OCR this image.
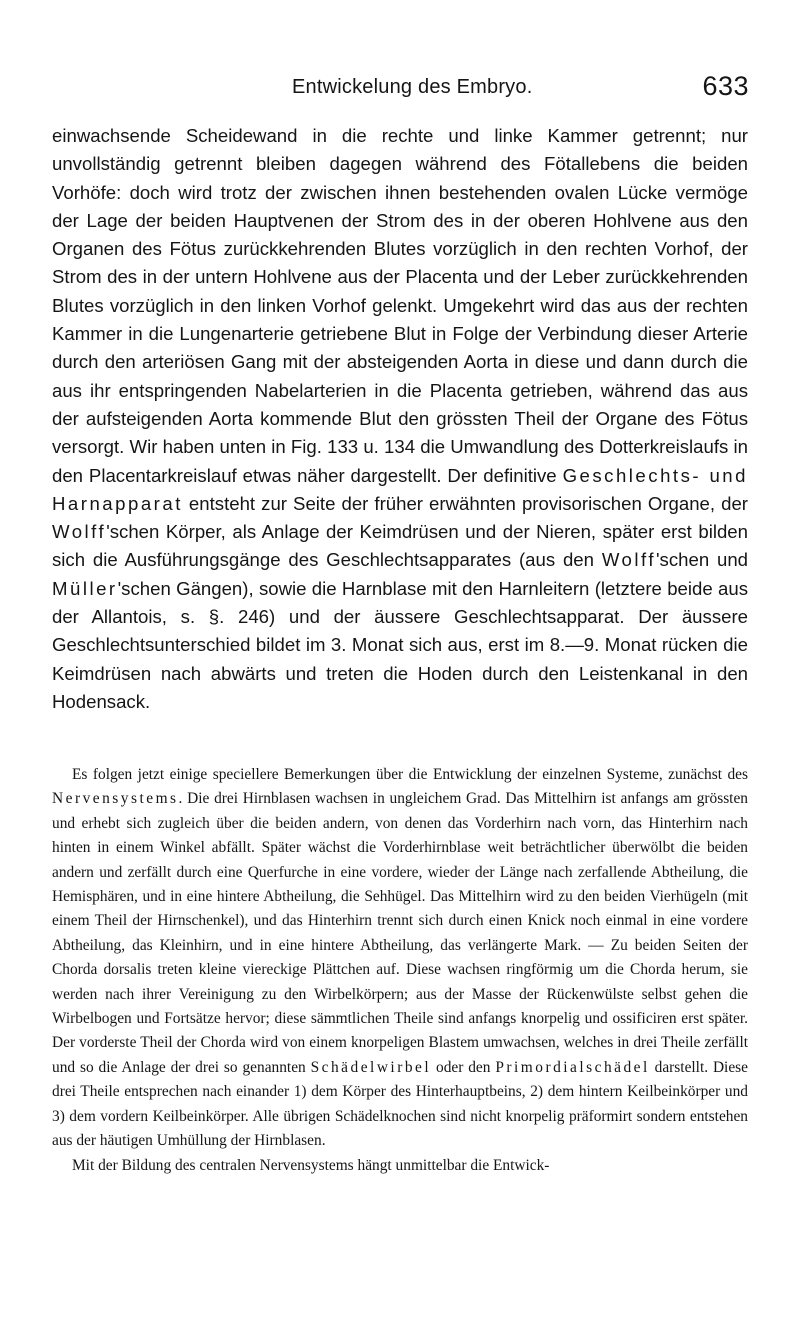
Entwickelung des Embryo.	633

einwachsende Scheidewand in die rechte und linke Kammer getrennt; nur unvollständig getrennt bleiben dagegen während des Fötallebens die beiden Vorhöfe: doch wird trotz der zwischen ihnen bestehenden ovalen Lücke vermöge der Lage der beiden Hauptvenen der Strom des in der oberen Hohlvene aus den Organen des Fötus zurückkehrenden Blutes vorzüglich in den rechten Vorhof, der Strom des in der untern Hohlvene aus der Placenta und der Leber zurückkehrenden Blutes vorzüglich in den linken Vorhof gelenkt. Umgekehrt wird das aus der rechten Kammer in die Lungenarterie getriebene Blut in Folge der Verbindung dieser Arterie durch den arteriösen Gang mit der absteigenden Aorta in diese und dann durch die aus ihr entspringenden Nabelarterien in die Placenta getrieben, während das aus der aufsteigenden Aorta kommende Blut den grössten Theil der Organe des Fötus versorgt. Wir haben unten in Fig. 133 u. 134 die Umwandlung des Dotterkreislaufs in den Placentarkreislauf etwas näher dargestellt. Der definitive Geschlechts- und Harnapparat entsteht zur Seite der früher erwähnten provisorischen Organe, der Wolff'schen Körper, als Anlage der Keimdrüsen und der Nieren, später erst bilden sich die Ausführungsgänge des Geschlechtsapparates (aus den Wolff'schen und Müller'schen Gängen), sowie die Harnblase mit den Harnleitern (letztere beide aus der Allantois, s. §. 246) und der äussere Geschlechtsapparat. Der äussere Geschlechtsunterschied bildet im 3. Monat sich aus, erst im 8.—9. Monat rücken die Keimdrüsen nach abwärts und treten die Hoden durch den Leistenkanal in den Hodensack.

Es folgen jetzt einige speciellere Bemerkungen über die Entwicklung der einzelnen Systeme, zunächst des Nervensystems. Die drei Hirnblasen wachsen in ungleichem Grad. Das Mittelhirn ist anfangs am grössten und erhebt sich zugleich über die beiden andern, von denen das Vorderhirn nach vorn, das Hinterhirn nach hinten in einem Winkel abfällt. Später wächst die Vorderhirnblase weit beträchtlicher überwölbt die beiden andern und zerfällt durch eine Querfurche in eine vordere, wieder der Länge nach zerfallende Abtheilung, die Hemisphären, und in eine hintere Abtheilung, die Sehhügel. Das Mittelhirn wird zu den beiden Vierhügeln (mit einem Theil der Hirnschenkel), und das Hinterhirn trennt sich durch einen Knick noch einmal in eine vordere Abtheilung, das Kleinhirn, und in eine hintere Abtheilung, das verlängerte Mark. — Zu beiden Seiten der Chorda dorsalis treten kleine viereckige Plättchen auf. Diese wachsen ringförmig um die Chorda herum, sie werden nach ihrer Vereinigung zu den Wirbelkörpern; aus der Masse der Rückenwülste selbst gehen die Wirbelbogen und Fortsätze hervor; diese sämmtlichen Theile sind anfangs knorpelig und ossificiren erst später. Der vorderste Theil der Chorda wird von einem knorpeligen Blastem umwachsen, welches in drei Theile zerfällt und so die Anlage der drei so genannten Schädelwirbel oder den Primordialschädel darstellt. Diese drei Theile entsprechen nach einander 1) dem Körper des Hinterhauptbeins, 2) dem hintern Keilbeinkörper und 3) dem vordern Keilbeinkörper. Alle übrigen Schädelknochen sind nicht knorpelig präformirt sondern entstehen aus der häutigen Umhüllung der Hirnblasen.

Mit der Bildung des centralen Nervensystems hängt unmittelbar die Entwick-
